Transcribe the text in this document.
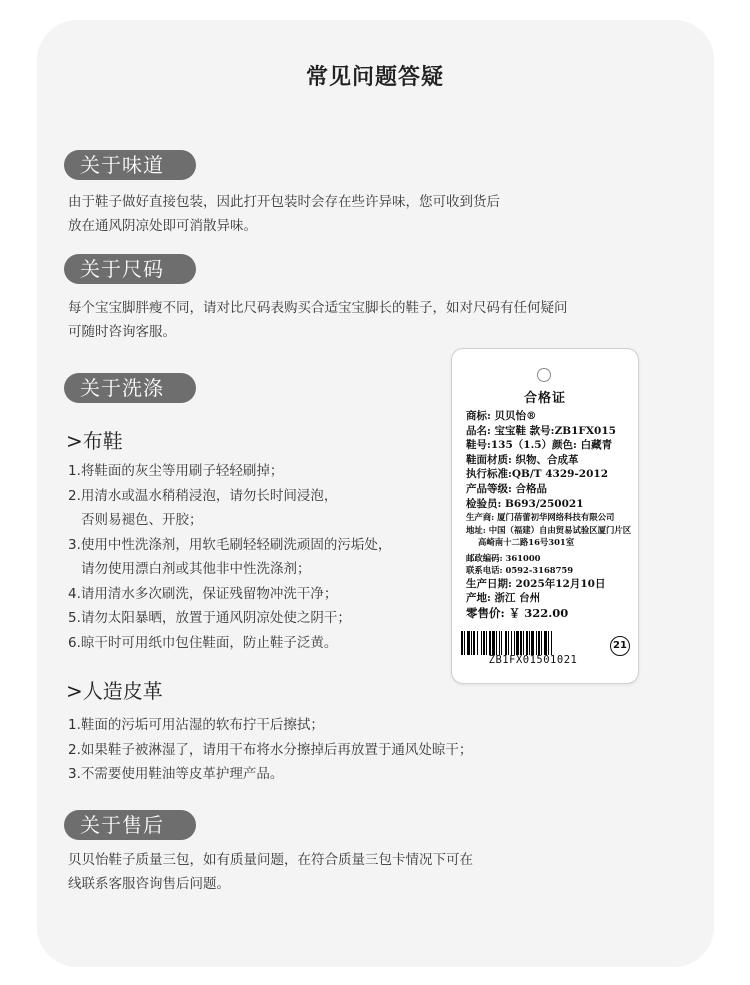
常见问题答疑
关于味道
由于鞋子做好直接包装，因此打开包装时会存在些许异味，您可收到货后
放在通风阴凉处即可消散异味。
关于尺码
每个宝宝脚胖瘦不同，请对比尺码表购买合适宝宝脚长的鞋子，如对尺码有任何疑问
可随时咨询客服。
关于洗涤
>布鞋
1.将鞋面的灰尘等用刷子轻轻刷掉；
2.用清水或温水稍稍浸泡，请勿长时间浸泡，
否则易褪色、开胶；
3.使用中性洗涤剂，用软毛刷轻轻刷洗顽固的污垢处，
请勿使用漂白剂或其他非中性洗涤剂；
4.请用清水多次刷洗，保证残留物冲洗干净；
5.请勿太阳暴晒，放置于通风阴凉处使之阴干；
6.晾干时可用纸巾包住鞋面，防止鞋子泛黄。
>人造皮革
1.鞋面的污垢可用沾湿的软布拧干后擦拭；
2.如果鞋子被淋湿了，请用干布将水分擦掉后再放置于通风处晾干；
3.不需要使用鞋油等皮革护理产品。
关于售后
贝贝怡鞋子质量三包，如有质量问题，在符合质量三包卡情况下可在
线联系客服咨询售后问题。
合格证
商标: 贝贝怡®
品名: 宝宝鞋 款号:ZB1FX015
鞋号:135（1.5）颜色: 白藏青
鞋面材质: 织物、合成革
执行标准:QB/T 4329-2012
产品等级: 合格品
检验员: B693/250021
生产商: 厦门蓓蕾初华网络科技有限公司
地址: 中国（福建）自由贸易试验区厦门片区
高崎南十二路16号301室
邮政编码: 361000
联系电话: 0592-3168759
生产日期: 2025年12月10日
产地: 浙江 台州
零售价: ￥ 322.00
ZB1FX01501021
21
